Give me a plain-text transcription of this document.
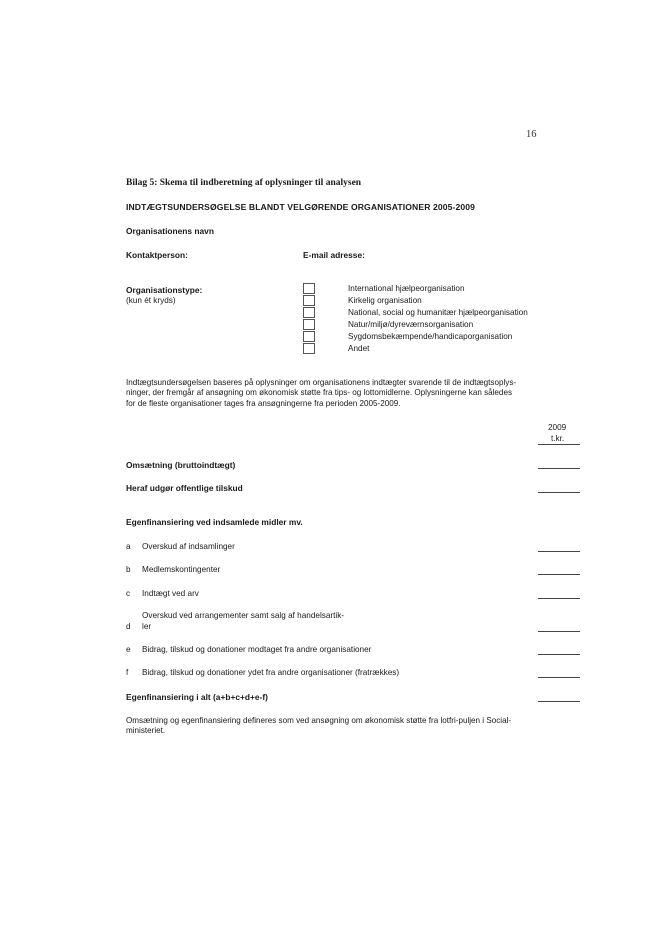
16
Bilag 5: Skema til indberetning af oplysninger til analysen
INDTÆGTSUNDERSØGELSE BLANDT VELGØRENDE ORGANISATIONER 2005-2009
Organisationens navn
Kontaktperson:	E-mail adresse:
Organisationstype:
(kun ét kryds)
International hjælpeorganisation
Kirkelig organisation
National, social og humanitær hjælpeorganisation
Natur/miljø/dyreværnsorganisation
Sygdomsbekæmpende/handicaporganisation
Andet
Indtægtsundersøgelsen baseres på oplysninger om organisationens indtægter svarende til de indtægtsoplys-
ninger, der fremgår af ansøgning om økonomisk støtte fra tips- og lottomidlerne. Oplysningerne kan således
for de fleste organisationer tages fra ansøgningerne fra perioden 2005-2009.
2009
t.kr.
Omsætning (bruttoindtægt)
Heraf udgør offentlige tilskud
Egenfinansiering ved indsamlede midler mv.
a Overskud af indsamlinger
b Medlemskontingenter
c Indtægt ved arv
Overskud ved arrangementer samt salg af handelsartik-
d ler
e Bidrag, tilskud og donationer modtaget fra andre organisationer
f Bidrag, tilskud og donationer ydet fra andre organisationer (fratrækkes)
Egenfinansiering i alt (a+b+c+d+e-f)
Omsætning og egenfinansiering defineres som ved ansøgning om økonomisk støtte fra lotfri-puljen i Social-
ministeriet.
